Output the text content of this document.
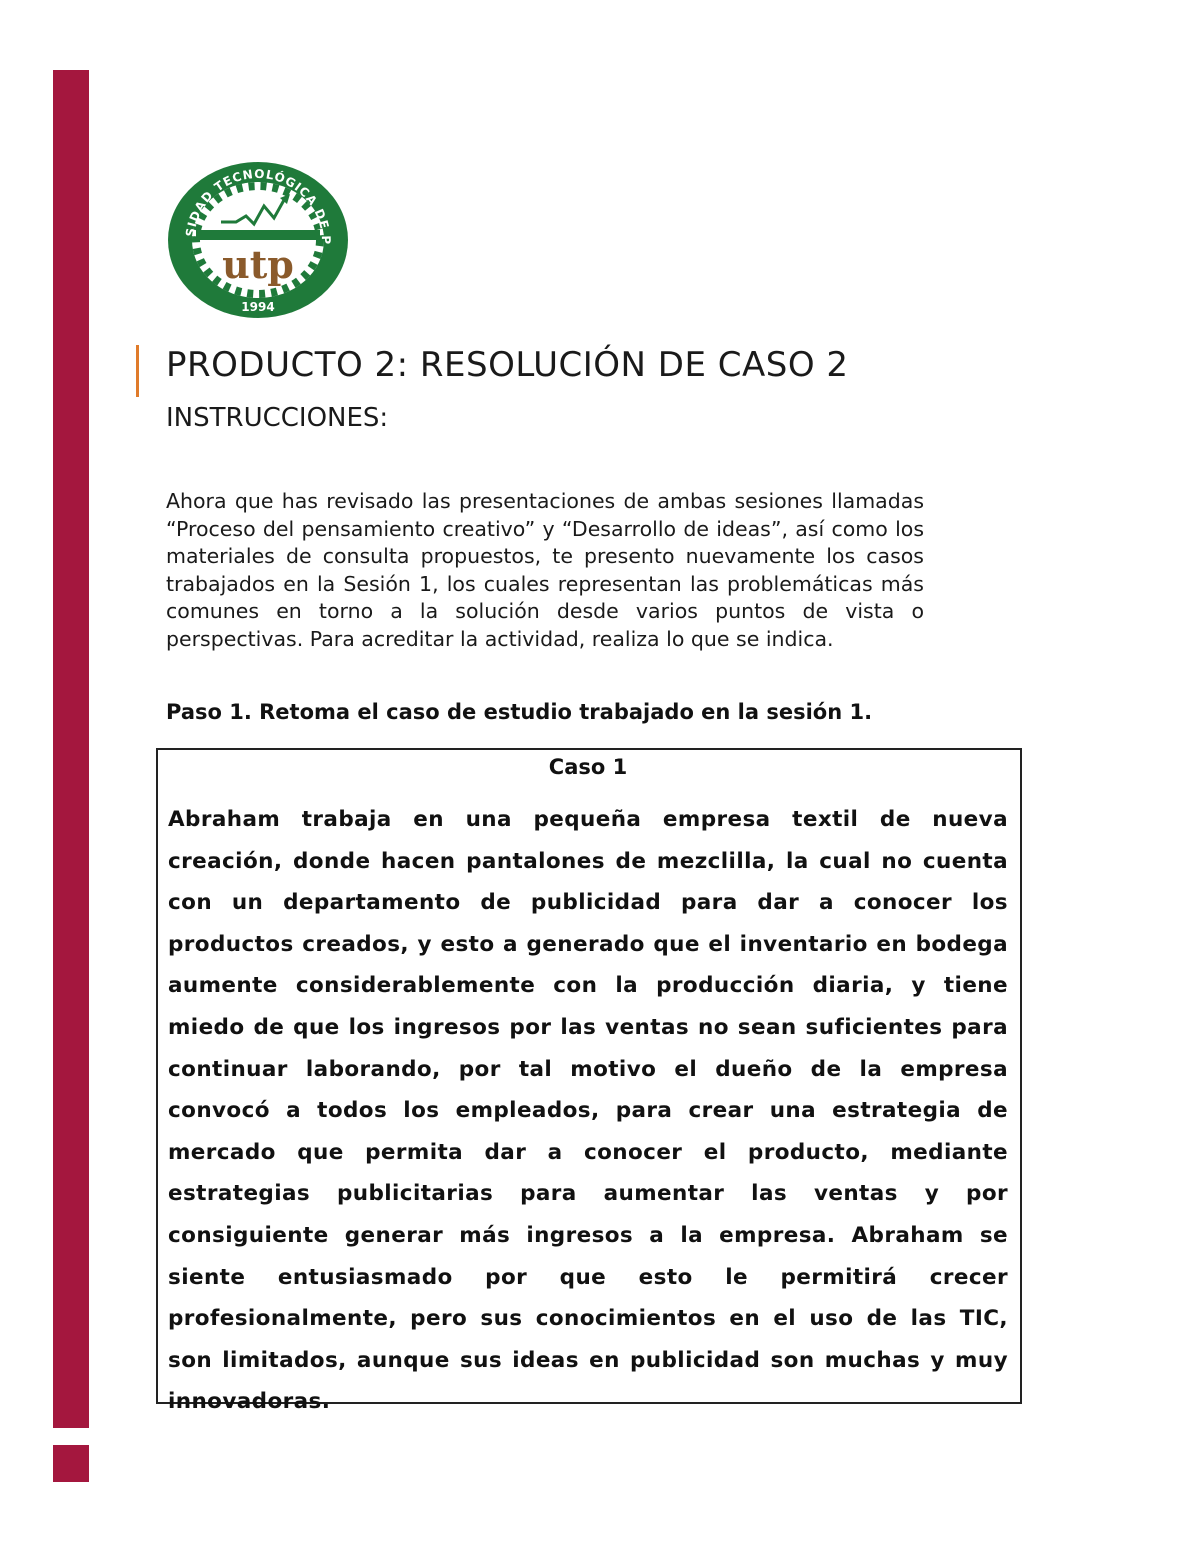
utp
SIDAD TECNOLÓGICA DE P
1994
PRODUCTO 2: RESOLUCIÓN DE CASO 2
INSTRUCCIONES:

Ahora que has revisado las presentaciones de ambas sesiones llamadas “Proceso del pensamiento creativo” y “Desarrollo de ideas”, así como los materiales de consulta propuestos, te presento nuevamente los casos trabajados en la Sesión 1, los cuales representan las problemáticas más comunes en torno a la solución desde varios puntos de vista o perspectivas. Para acreditar la actividad, realiza lo que se indica.

Paso 1. Retoma el caso de estudio trabajado en la sesión 1.

Caso 1

Abraham trabaja en una pequeña empresa textil de nueva creación, donde hacen pantalones de mezclilla, la cual no cuenta con un departamento de publicidad para dar a conocer los productos creados, y esto a generado que el inventario en bodega aumente considerablemente con la producción diaria, y tiene miedo de que los ingresos por las ventas no sean suficientes para continuar laborando, por tal motivo el dueño de la empresa convocó a todos los empleados, para crear una estrategia de mercado que permita dar a conocer el producto, mediante estrategias publicitarias para aumentar las ventas y por consiguiente generar más ingresos a la empresa. Abraham se siente entusiasmado por que esto le permitirá crecer profesionalmente, pero sus conocimientos en el uso de las TIC, son limitados, aunque sus ideas en publicidad son muchas y muy innovadoras.
